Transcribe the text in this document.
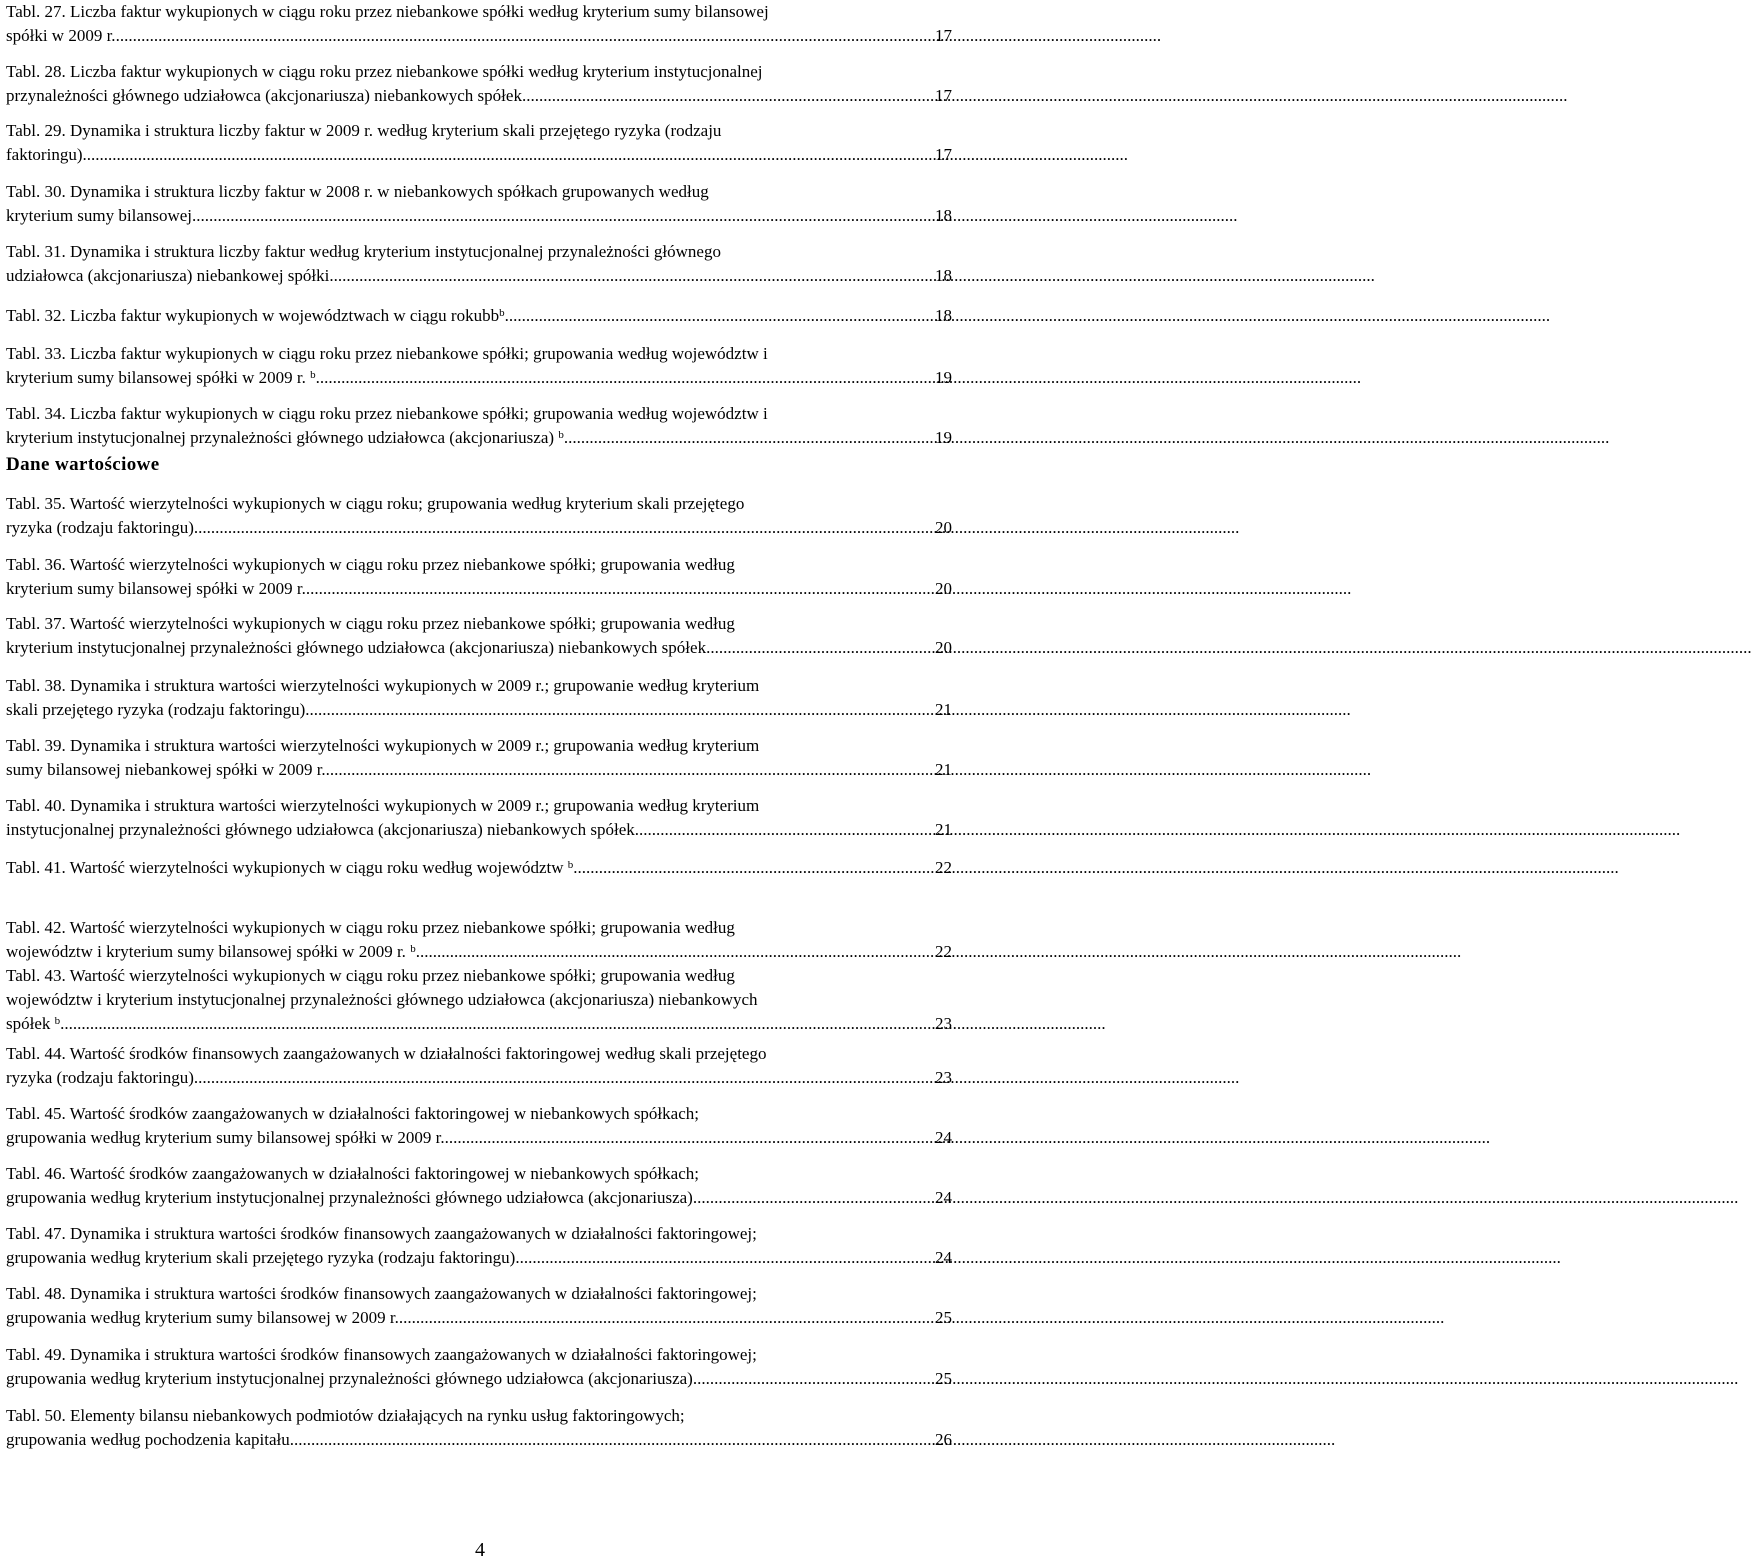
Tabl. 27. Liczba faktur wykupionych w ciągu roku przez niebankowe spółki według kryterium sumy bilansowej

spółki w 2009 r. .....	17

Tabl. 28. Liczba faktur wykupionych w ciągu roku przez niebankowe spółki według kryterium instytucjonalnej

przynależności głównego udziałowca (akcjonariusza) niebankowych spółek .....	17

Tabl. 29. Dynamika i struktura liczby faktur w 2009 r. według kryterium skali przejętego ryzyka (rodzaju

faktoringu) .....	17

Tabl. 30. Dynamika i struktura liczby faktur w 2008 r. w niebankowych spółkach grupowanych według

kryterium sumy bilansowej .....	18

Tabl. 31. Dynamika i struktura liczby faktur według kryterium instytucjonalnej przynależności głównego

udziałowca (akcjonariusza) niebankowej spółki .....	18
Tabl. 32. Liczba faktur wykupionych w województwach w ciągu rokubb$^b$ .....	18

Tabl. 33. Liczba faktur wykupionych w ciągu roku przez niebankowe spółki; grupowania według województw i

kryterium sumy bilansowej spółki w 2009 r. $^b$ .....	19

Tabl. 34. Liczba faktur wykupionych w ciągu roku przez niebankowe spółki; grupowania według województw i

kryterium instytucjonalnej przynależności głównego udziałowca (akcjonariusza) $^b$ .....	19
Dane wartościowe

Tabl. 35. Wartość wierzytelności wykupionych w ciągu roku; grupowania według kryterium skali przejętego

ryzyka (rodzaju faktoringu) .....	20

Tabl. 36. Wartość wierzytelności wykupionych w ciągu roku przez niebankowe spółki; grupowania według

kryterium sumy bilansowej spółki w 2009 r. .....	20

Tabl. 37. Wartość wierzytelności wykupionych w ciągu roku przez niebankowe spółki; grupowania według

kryterium instytucjonalnej przynależności głównego udziałowca (akcjonariusza) niebankowych spółek .....	20

Tabl. 38. Dynamika i struktura wartości wierzytelności wykupionych w 2009 r.; grupowanie według kryterium

skali przejętego ryzyka (rodzaju faktoringu) .....	21

Tabl. 39. Dynamika i struktura wartości wierzytelności wykupionych w 2009 r.; grupowania według kryterium

sumy bilansowej niebankowej spółki w 2009 r. .....	21

Tabl. 40. Dynamika i struktura wartości wierzytelności wykupionych w 2009 r.; grupowania według kryterium

instytucjonalnej przynależności głównego udziałowca (akcjonariusza) niebankowych spółek .....	21
Tabl. 41. Wartość wierzytelności wykupionych w ciągu roku według województw $^b$ .....	22

Tabl. 42. Wartość wierzytelności wykupionych w ciągu roku przez niebankowe spółki; grupowania według

województw i kryterium sumy bilansowej spółki w 2009 r. $^b$ .....	22

Tabl. 43. Wartość wierzytelności wykupionych w ciągu roku przez niebankowe spółki; grupowania według

województw i kryterium instytucjonalnej przynależności głównego udziałowca (akcjonariusza) niebankowych

spółek $^b$ .....	23

Tabl. 44. Wartość środków finansowych zaangażowanych w działalności faktoringowej według skali przejętego

ryzyka (rodzaju faktoringu) .....	23

Tabl. 45. Wartość środków zaangażowanych w działalności faktoringowej w niebankowych spółkach;

grupowania według kryterium sumy bilansowej spółki w 2009 r. .....	24

Tabl. 46. Wartość środków zaangażowanych w działalności faktoringowej w niebankowych spółkach;

grupowania według kryterium instytucjonalnej przynależności głównego udziałowca (akcjonariusza) .....	24

Tabl. 47. Dynamika i struktura wartości środków finansowych zaangażowanych w działalności faktoringowej;

grupowania według kryterium skali przejętego ryzyka (rodzaju faktoringu) .....	24

Tabl. 48. Dynamika i struktura wartości środków finansowych zaangażowanych w działalności faktoringowej;

grupowania według kryterium sumy bilansowej w 2009 r. .....	25

Tabl. 49. Dynamika i struktura wartości środków finansowych zaangażowanych w działalności faktoringowej;

grupowania według kryterium instytucjonalnej przynależności głównego udziałowca (akcjonariusza) .....	25

Tabl. 50. Elementy bilansu niebankowych podmiotów działających na rynku usług faktoringowych;

grupowania według pochodzenia kapitału .....	26
4
